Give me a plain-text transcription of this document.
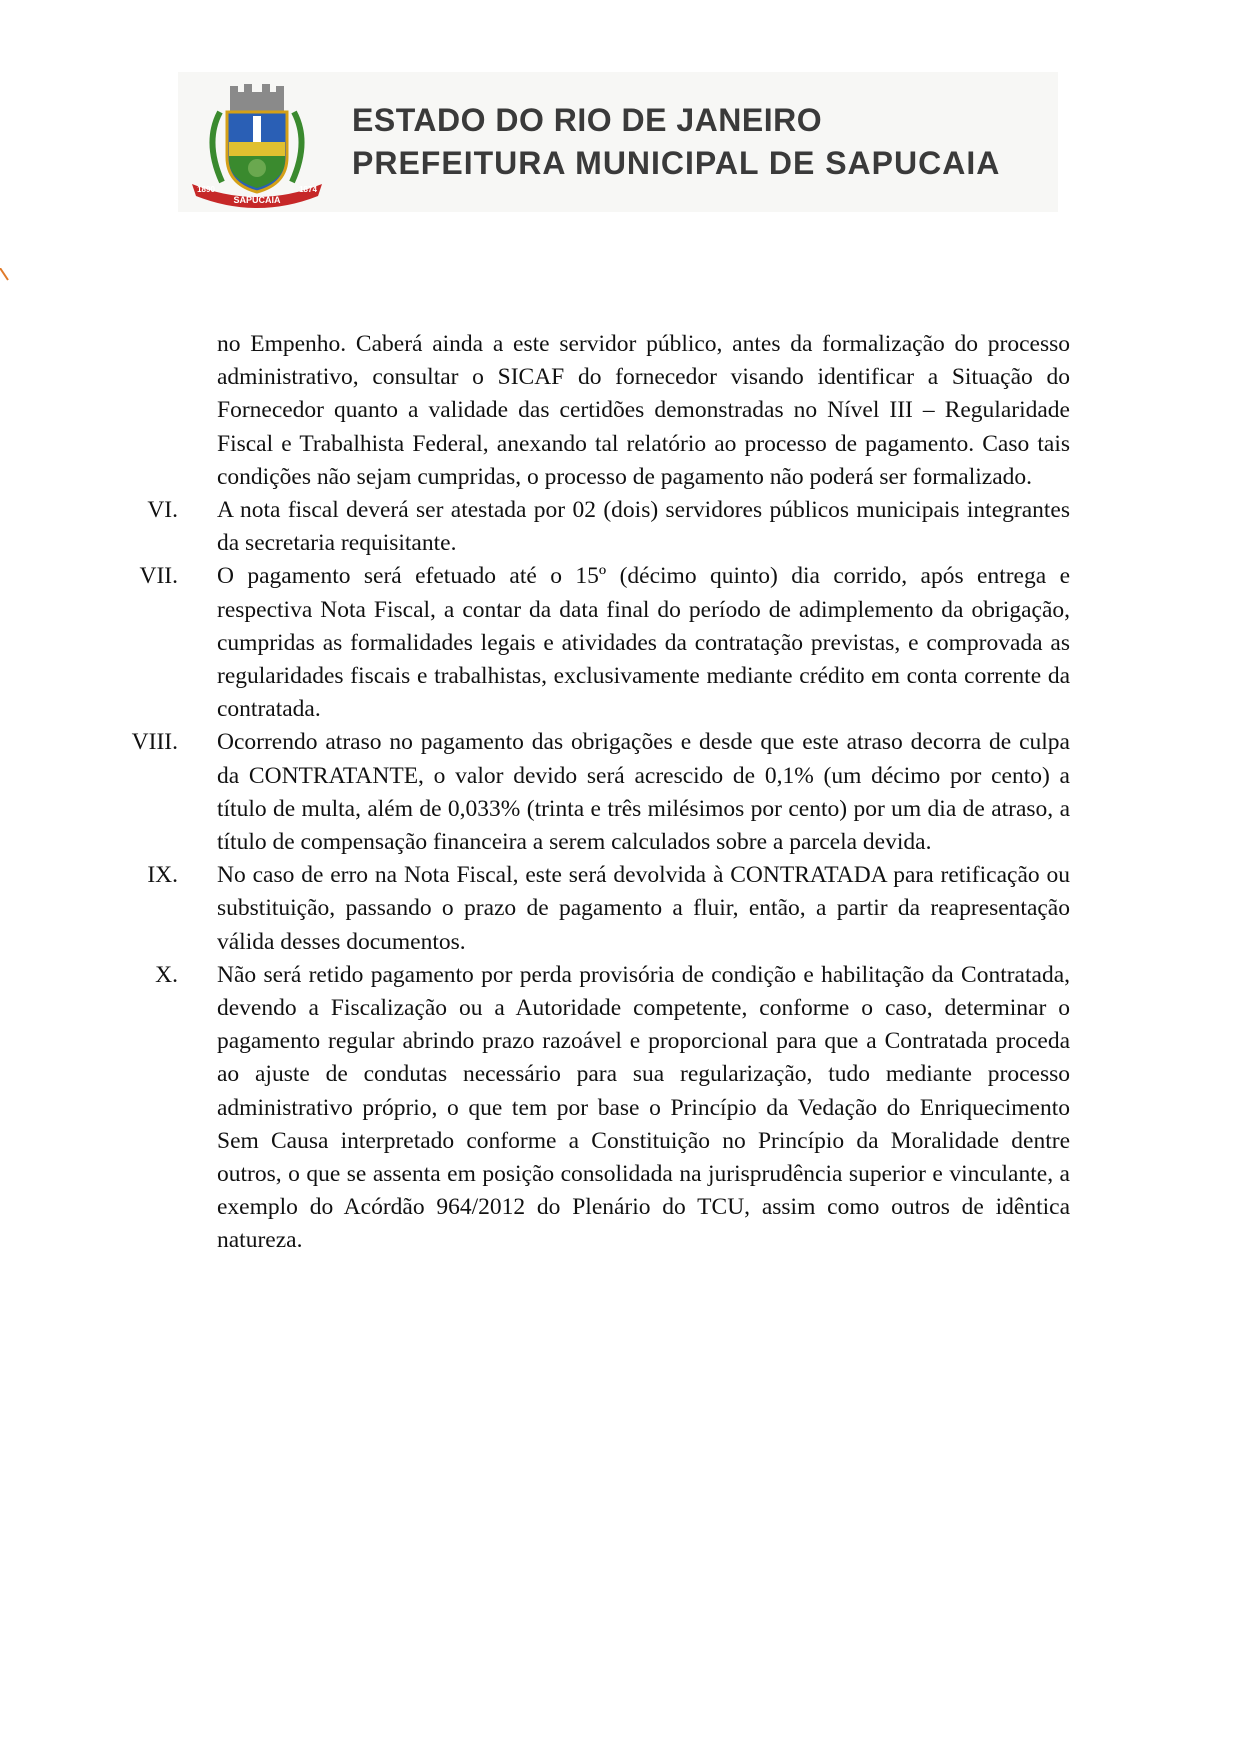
SAPUCAIA
1890	1874
ESTADO DO RIO DE JANEIRO
PREFEITURA MUNICIPAL DE SAPUCAIA
no Empenho. Caberá ainda a este servidor público, antes da formalização do processo administrativo, consultar o SICAF do fornecedor visando identificar a Situação do Fornecedor quanto a validade das certidões demonstradas no Nível III – Regularidade Fiscal e Trabalhista Federal, anexando tal relatório ao processo de pagamento. Caso tais condições não sejam cumpridas, o processo de pagamento não poderá ser formalizado.
VI. A nota fiscal deverá ser atestada por 02 (dois) servidores públicos municipais integrantes da secretaria requisitante.
VII. O pagamento será efetuado até o 15º (décimo quinto) dia corrido, após entrega e respectiva Nota Fiscal, a contar da data final do período de adimplemento da obrigação, cumpridas as formalidades legais e atividades da contratação previstas, e comprovada as regularidades fiscais e trabalhistas, exclusivamente mediante crédito em conta corrente da contratada.
VIII. Ocorrendo atraso no pagamento das obrigações e desde que este atraso decorra de culpa da CONTRATANTE, o valor devido será acrescido de 0,1% (um décimo por cento) a título de multa, além de 0,033% (trinta e três milésimos por cento) por um dia de atraso, a título de compensação financeira a serem calculados sobre a parcela devida.
IX. No caso de erro na Nota Fiscal, este será devolvida à CONTRATADA para retificação ou substituição, passando o prazo de pagamento a fluir, então, a partir da reapresentação válida desses documentos.
X. Não será retido pagamento por perda provisória de condição e habilitação da Contratada, devendo a Fiscalização ou a Autoridade competente, conforme o caso, determinar o pagamento regular abrindo prazo razoável e proporcional para que a Contratada proceda ao ajuste de condutas necessário para sua regularização, tudo mediante processo administrativo próprio, o que tem por base o Princípio da Vedação do Enriquecimento Sem Causa interpretado conforme a Constituição no Princípio da Moralidade dentre outros, o que se assenta em posição consolidada na jurisprudência superior e vinculante, a exemplo do Acórdão 964/2012 do Plenário do TCU, assim como outros de idêntica natureza.
